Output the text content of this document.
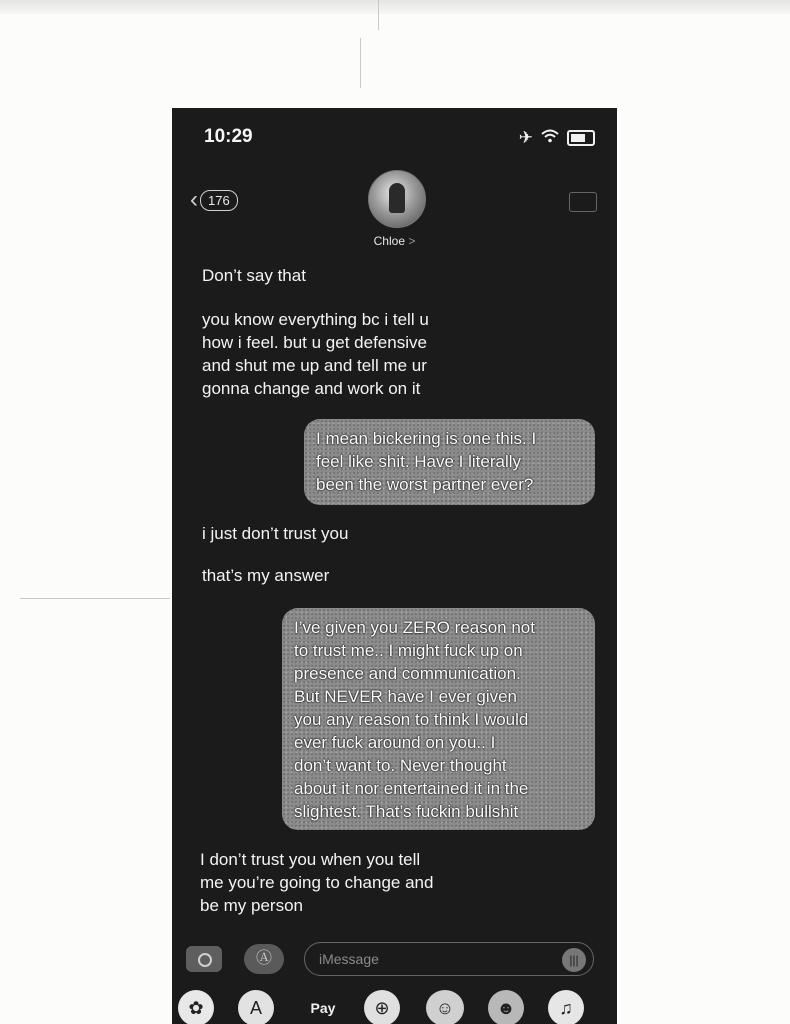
10:29	✈
‹ 176
Chloe >
Don’t say that
you know everything bc i tell u
how i feel. but u get defensive
and shut me up and tell me ur
gonna change and work on it
I mean bickering is one this. I
feel like shit. Have I literally
been the worst partner ever?
i just don’t trust you
that’s my answer
I’ve given you ZERO reason not
to trust me.. I might fuck up on
presence and communication.
But NEVER have I ever given
you any reason to think I would
ever fuck around on you.. I
don’t want to. Never thought
about it nor entertained it in the
slightest. That’s fuckin bullshit
I don’t trust you when you tell
me you’re going to change and
be my person
Ⓐ
iMessage	|||
✿	A	Pay	⊕	☺	☻	♫
